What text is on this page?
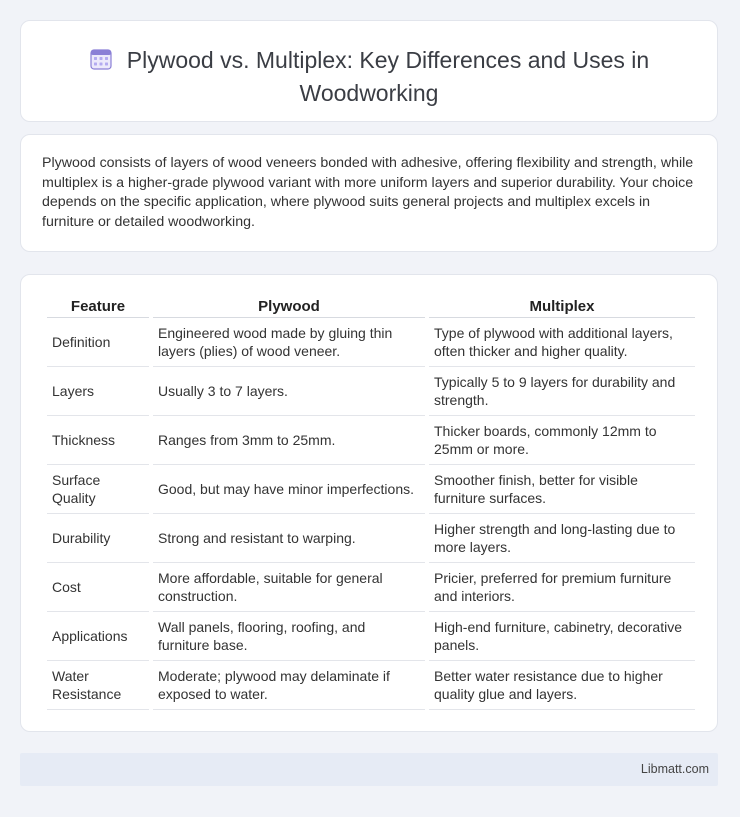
Plywood vs. Multiplex: Key Differences and Uses in Woodworking
Plywood consists of layers of wood veneers bonded with adhesive, offering flexibility and strength, while multiplex is a higher-grade plywood variant with more uniform layers and superior durability. Your choice depends on the specific application, where plywood suits general projects and multiplex excels in furniture or detailed woodworking.
Feature	Plywood	Multiplex
Definition	Engineered wood made by gluing thin layers (plies) of wood veneer.	Type of plywood with additional layers, often thicker and higher quality.
Layers	Usually 3 to 7 layers.	Typically 5 to 9 layers for durability and strength.
Thickness	Ranges from 3mm to 25mm.	Thicker boards, commonly 12mm to 25mm or more.
Surface Quality	Good, but may have minor imperfections.	Smoother finish, better for visible furniture surfaces.
Durability	Strong and resistant to warping.	Higher strength and long-lasting due to more layers.
Cost	More affordable, suitable for general construction.	Pricier, preferred for premium furniture and interiors.
Applications	Wall panels, flooring, roofing, and furniture base.	High-end furniture, cabinetry, decorative panels.
Water Resistance	Moderate; plywood may delaminate if exposed to water.	Better water resistance due to higher quality glue and layers.
Libmatt.com
